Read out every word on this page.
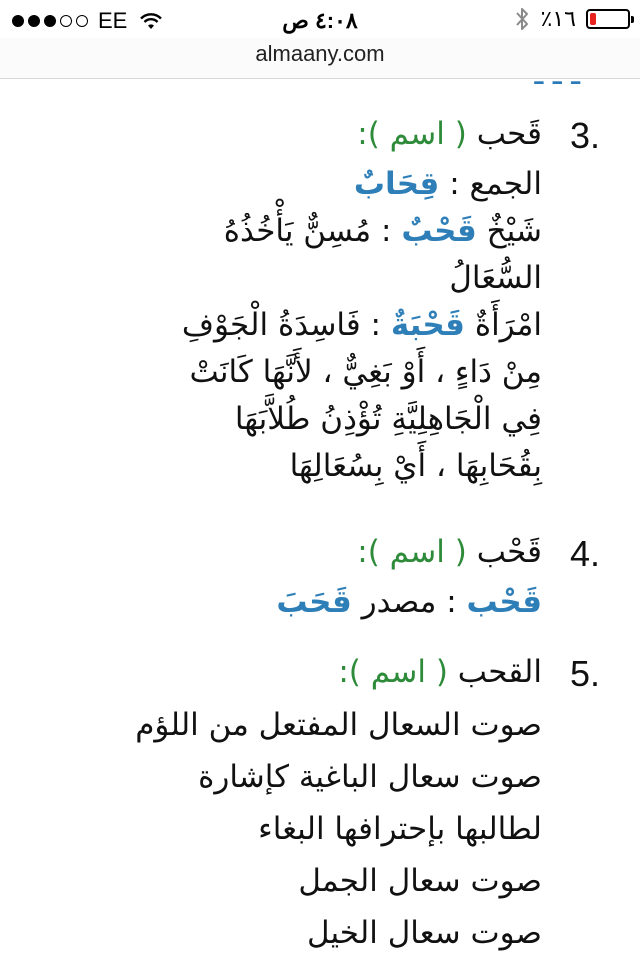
EE	٤:٠٨ ص	٪١٦
almaany.com
ـ ـ ـ
3.
قَحب ( اسم ):
الجمع : قِحَابٌ
شَيْخٌ قَحْبٌ : مُسِنٌّ يَأْخُذُهُ
السُّعَالُ
امْرَأَةٌ قَحْبَةٌ : فَاسِدَةُ الْجَوْفِ
مِنْ دَاءٍ ، أَوْ بَغِيٌّ ، لأَنَّهَا كَانَتْ
فِي الْجَاهِلِيَّةِ تُؤْذِنُ طُلاَّبَهَا
بِقُحَابِهَا ، أَيْ بِسُعَالِهَا
4.
قَحْب ( اسم ):
قَحْب : مصدر قَحَبَ
5.
القحب ( اسم ):
صوت السعال المفتعل من اللؤم
صوت سعال الباغية كإشارة
لطالبها بإحترافها البغاء
صوت سعال الجمل
صوت سعال الخيل
